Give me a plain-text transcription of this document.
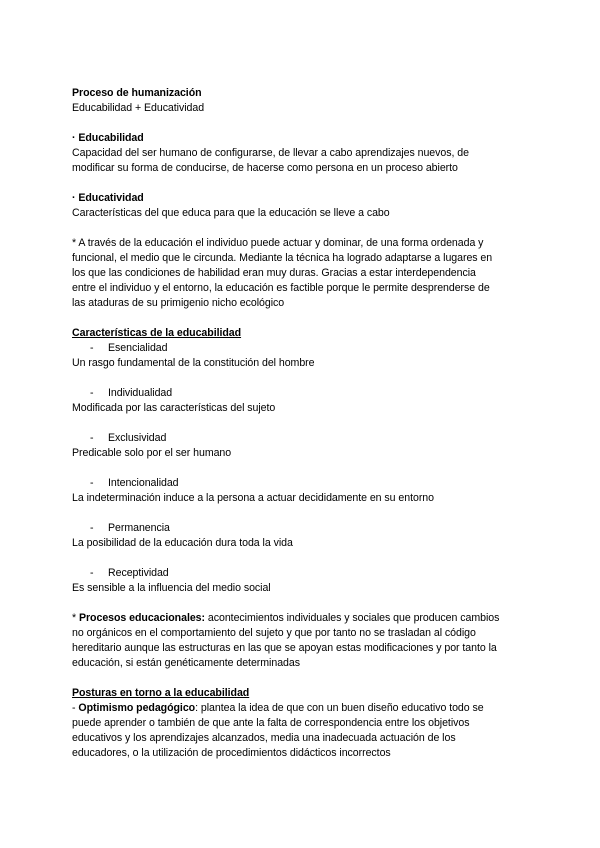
Proceso de humanización
Educabilidad + Educatividad
· Educabilidad
Capacidad del ser humano de configurarse, de llevar a cabo aprendizajes nuevos, de
modificar su forma de conducirse, de hacerse como persona en un proceso abierto
· Educatividad
Características del que educa para que la educación se lleve a cabo
* A través de la educación el individuo puede actuar y dominar, de una forma ordenada y
funcional, el medio que le circunda. Mediante la técnica ha logrado adaptarse a lugares en
los que las condiciones de habilidad eran muy duras. Gracias a estar interdependencia
entre el individuo y el entorno, la educación es factible porque le permite desprenderse de
las ataduras de su primigenio nicho ecológico
Características de la educabilidad
- Esencialidad
Un rasgo fundamental de la constitución del hombre
- Individualidad
Modificada por las características del sujeto
- Exclusividad
Predicable solo por el ser humano
- Intencionalidad
La indeterminación induce a la persona a actuar decididamente en su entorno
- Permanencia
La posibilidad de la educación dura toda la vida
- Receptividad
Es sensible a la influencia del medio social
* Procesos educacionales: acontecimientos individuales y sociales que producen cambios
no orgánicos en el comportamiento del sujeto y que por tanto no se trasladan al código
hereditario aunque las estructuras en las que se apoyan estas modificaciones y por tanto la
educación, si están genéticamente determinadas
Posturas en torno a la educabilidad
- Optimismo pedagógico: plantea la idea de que con un buen diseño educativo todo se
puede aprender o también de que ante la falta de correspondencia entre los objetivos
educativos y los aprendizajes alcanzados, media una inadecuada actuación de los
educadores, o la utilización de procedimientos didácticos incorrectos
